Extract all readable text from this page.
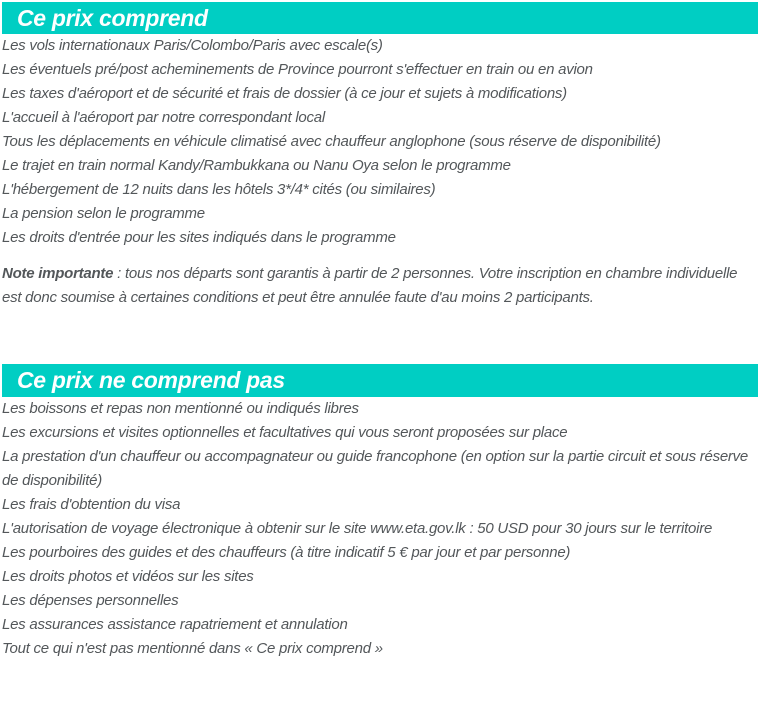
Ce prix comprend
Les vols internationaux Paris/Colombo/Paris avec escale(s)
Les éventuels pré/post acheminements de Province pourront s'effectuer en train ou en avion
Les taxes d'aéroport et de sécurité et frais de dossier (à ce jour et sujets à modifications)
L'accueil à l'aéroport par notre correspondant local
Tous les déplacements en véhicule climatisé avec chauffeur anglophone (sous réserve de disponibilité)
Le trajet en train normal Kandy/Rambukkana ou Nanu Oya selon le programme
L'hébergement de 12 nuits dans les hôtels 3*/4* cités (ou similaires)
La pension selon le programme
Les droits d'entrée pour les sites indiqués dans le programme

Note importante : tous nos départs sont garantis à partir de 2 personnes. Votre inscription en chambre individuelle est donc soumise à certaines conditions et peut être annulée faute d'au moins 2 participants.

Ce prix ne comprend pas
Les boissons et repas non mentionné ou indiqués libres
Les excursions et visites optionnelles et facultatives qui vous seront proposées sur place
La prestation d'un chauffeur ou accompagnateur ou guide francophone (en option sur la partie circuit et sous réserve de disponibilité)
Les frais d'obtention du visa
L'autorisation de voyage électronique à obtenir sur le site www.eta.gov.lk : 50 USD pour 30 jours sur le territoire
Les pourboires des guides et des chauffeurs (à titre indicatif 5 € par jour et par personne)
Les droits photos et vidéos sur les sites
Les dépenses personnelles
Les assurances assistance rapatriement et annulation
Tout ce qui n'est pas mentionné dans « Ce prix comprend »
